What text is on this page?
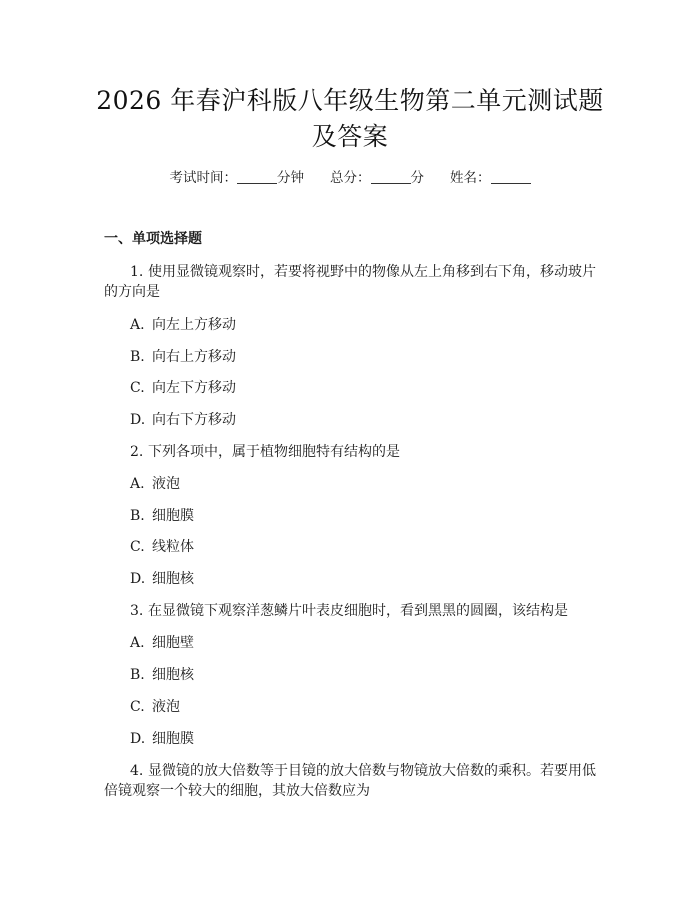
2026 年春沪科版八年级生物第二单元测试题
及答案
考试时间：	分钟 总分：	分 姓名：
一、单项选择题
1. 使用显微镜观察时，若要将视野中的物像从左上角移到右下角，移动玻片
的方向是
A. 向左上方移动
B. 向右上方移动
C. 向左下方移动
D. 向右下方移动
2. 下列各项中，属于植物细胞特有结构的是
A. 液泡
B. 细胞膜
C. 线粒体
D. 细胞核
3. 在显微镜下观察洋葱鳞片叶表皮细胞时，看到黑黑的圆圈，该结构是
A. 细胞壁
B. 细胞核
C. 液泡
D. 细胞膜
4. 显微镜的放大倍数等于目镜的放大倍数与物镜放大倍数的乘积。若要用低
倍镜观察一个较大的细胞，其放大倍数应为
